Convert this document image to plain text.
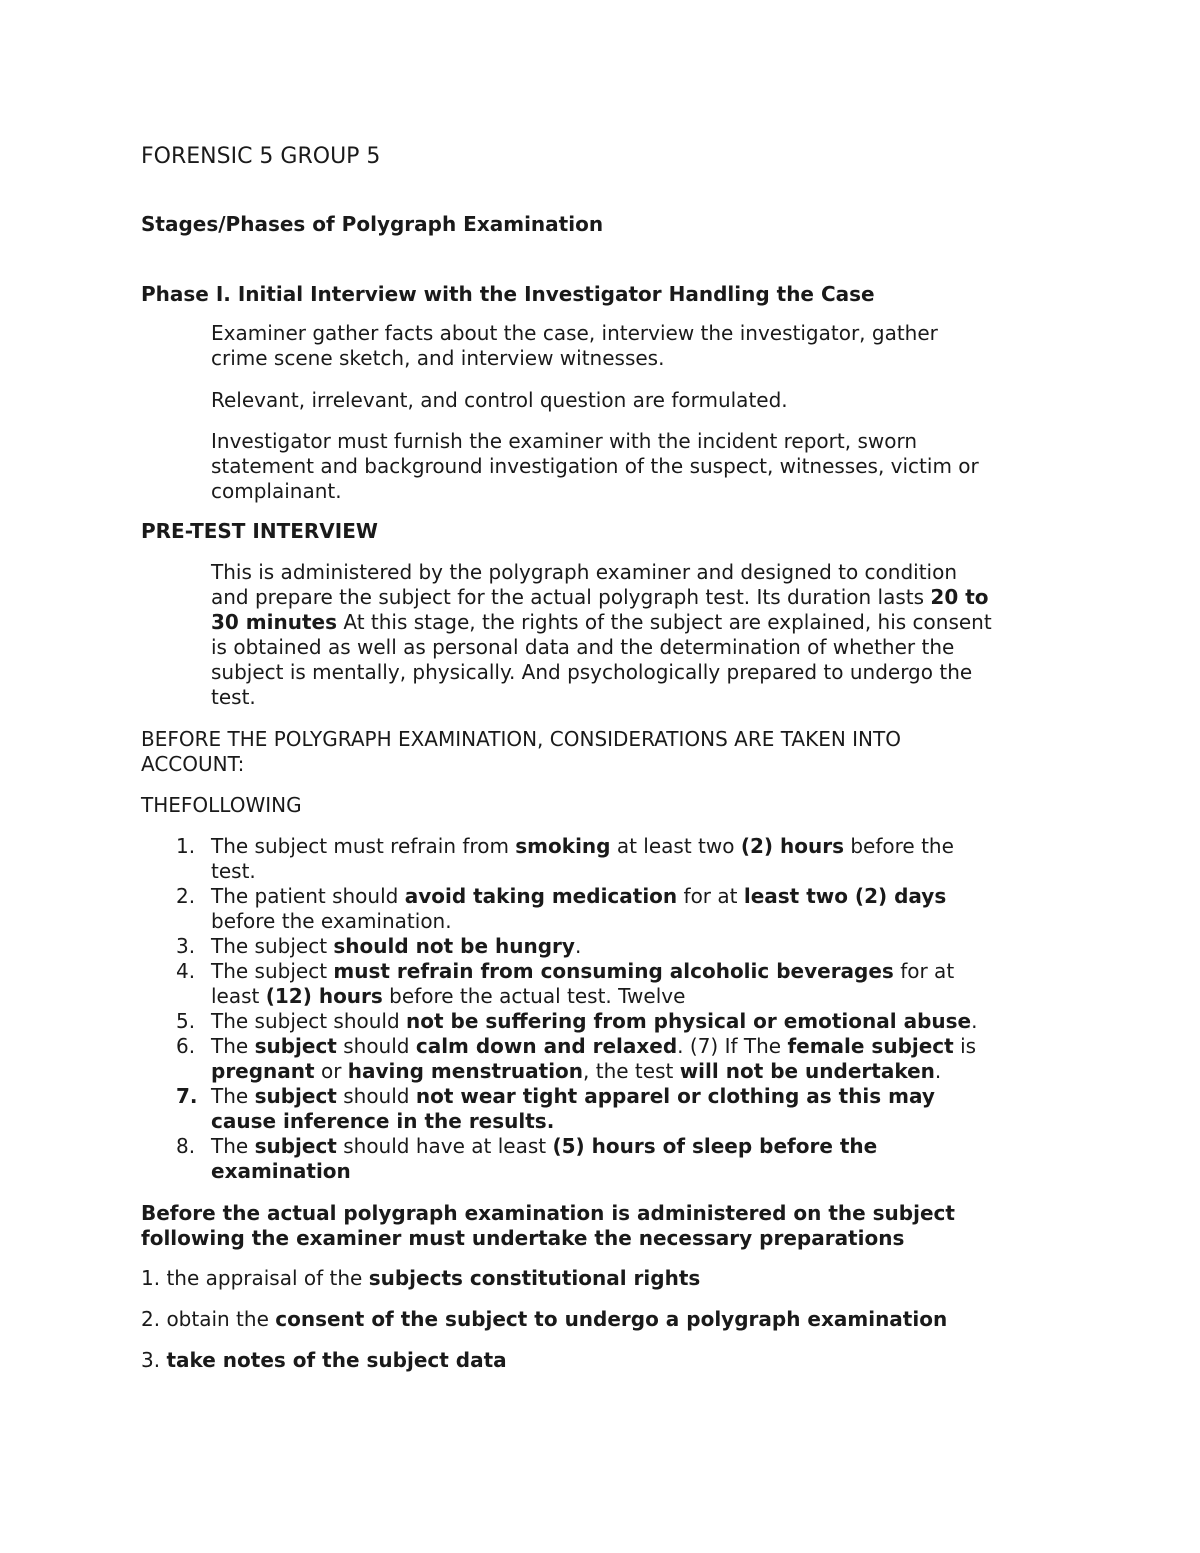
FORENSIC 5 GROUP 5
Stages/Phases of Polygraph Examination
Phase I. Initial Interview with the Investigator Handling the Case
Examiner gather facts about the case, interview the investigator, gather
crime scene sketch, and interview witnesses.
Relevant, irrelevant, and control question are formulated.
Investigator must furnish the examiner with the incident report, sworn
statement and background investigation of the suspect, witnesses, victim or
complainant.
PRE-TEST INTERVIEW
This is administered by the polygraph examiner and designed to condition
and prepare the subject for the actual polygraph test. Its duration lasts 20 to
30 minutes At this stage, the rights of the subject are explained, his consent
is obtained as well as personal data and the determination of whether the
subject is mentally, physically. And psychologically prepared to undergo the
test.
BEFORE THE POLYGRAPH EXAMINATION, CONSIDERATIONS ARE TAKEN INTO
ACCOUNT:
THEFOLLOWING
1. The subject must refrain from smoking at least two (2) hours before the
test.
2. The patient should avoid taking medication for at least two (2) days
before the examination.
3. The subject should not be hungry.
4. The subject must refrain from consuming alcoholic beverages for at
least (12) hours before the actual test. Twelve
5. The subject should not be suffering from physical or emotional abuse.
6. The subject should calm down and relaxed. (7) If The female subject is
pregnant or having menstruation, the test will not be undertaken.
7. The subject should not wear tight apparel or clothing as this may
cause inference in the results.
8. The subject should have at least (5) hours of sleep before the
examination
Before the actual polygraph examination is administered on the subject
following the examiner must undertake the necessary preparations
1. the appraisal of the subjects constitutional rights
2. obtain the consent of the subject to undergo a polygraph examination
3. take notes of the subject data
